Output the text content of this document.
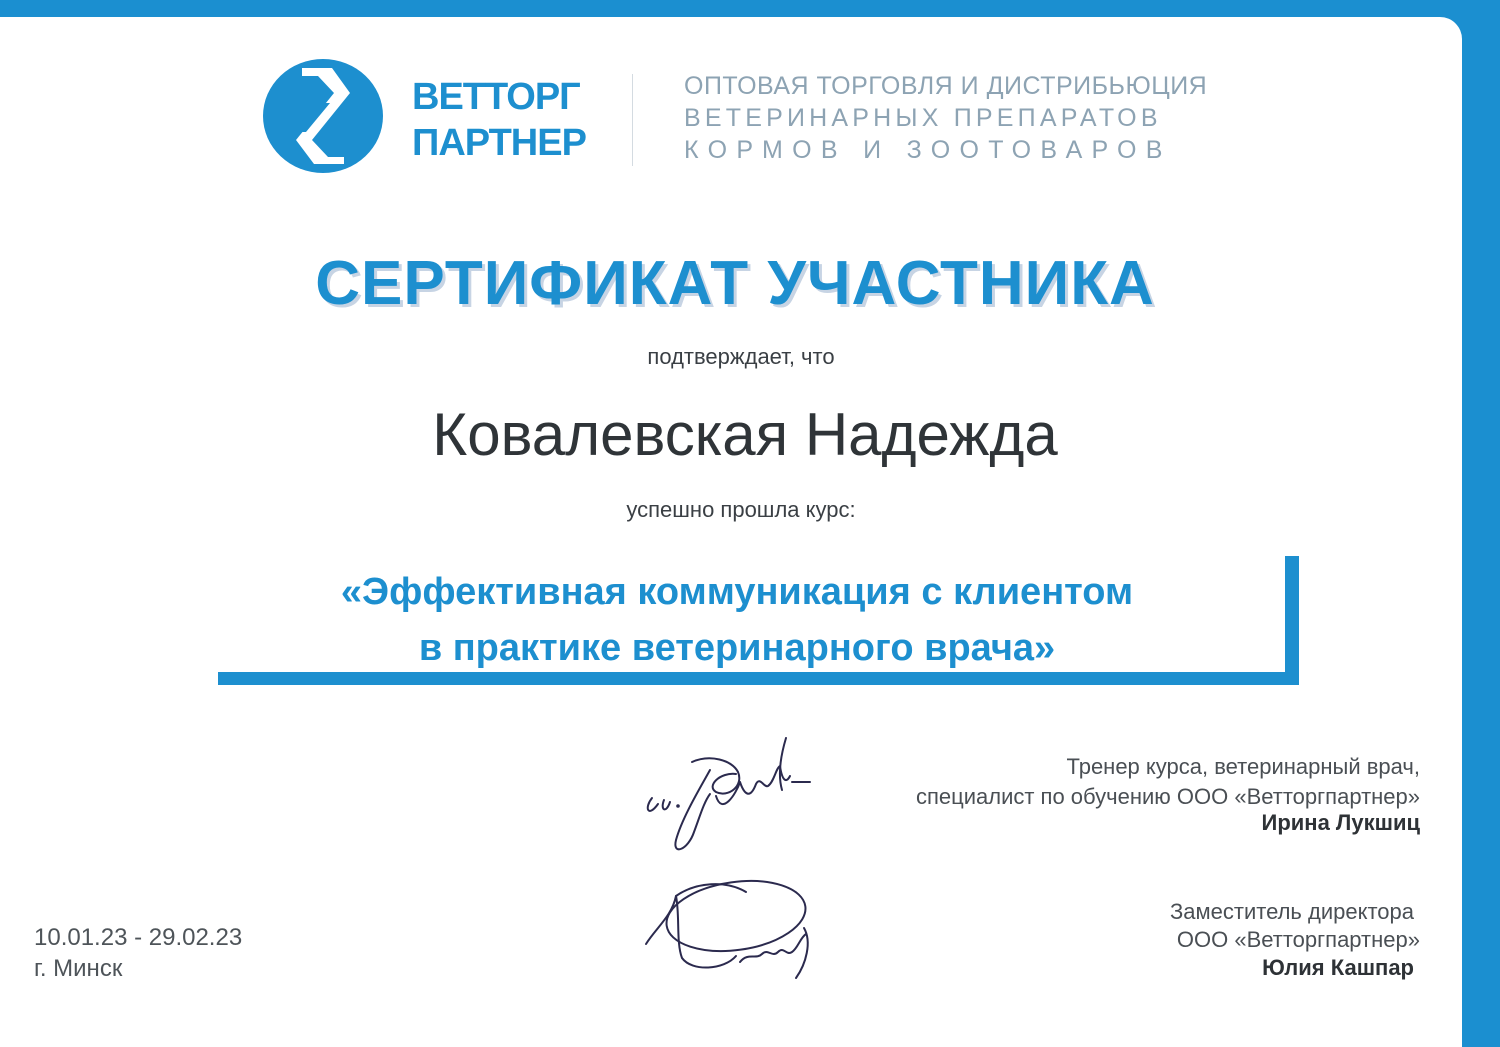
ВЕТТОРГ
ПАРТНЕР
ОПТОВАЯ ТОРГОВЛЯ И ДИСТРИБЬЮЦИЯ
ВЕТЕРИНАРНЫХ ПРЕПАРАТОВ
КОРМОВ И ЗООТОВАРОВ
СЕРТИФИКАТ УЧАСТНИКА
подтверждает, что
Ковалевская Надежда
успешно прошла курс:
«Эффективная коммуникация с клиентом
в практике ветеринарного врача»
Тренер курса, ветеринарный врач,
специалист по обучению ООО «Ветторгпартнер»
Ирина Лукшиц
Заместитель директора
ООО «Ветторгпартнер»
Юлия Кашпар
10.01.23 - 29.02.23
г. Минск
ООО «Ветторгпартнер», УНП 193073621
